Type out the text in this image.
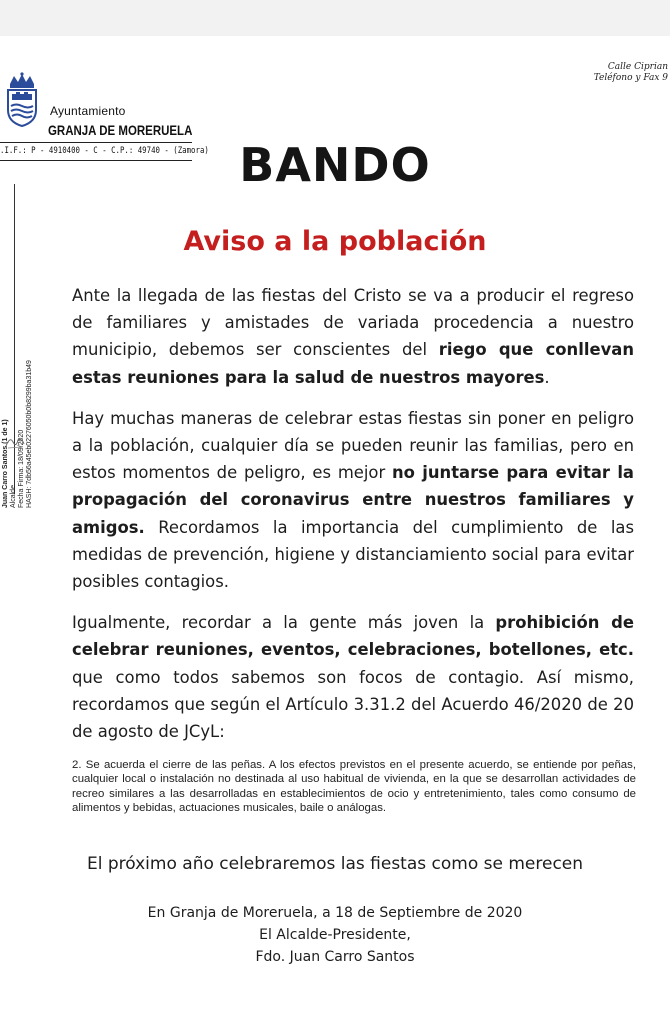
Calle Ciprian
Teléfono y Fax 9
Ayuntamiento
GRANJA DE MORERUELA
.I.F.: P - 4910400 - C - C.P.: 49740 - (Zamora) BANDO
Aviso a la población
Juan Carro Santos (1 de 1) Alcalde Fecha Firma: 18/09/2020 HASH: 7db56a45eb02276050b0b8299ba31b49

Ante la llegada de las fiestas del Cristo se va a producir el regreso de familiares y amistades de variada procedencia a nuestro municipio, debemos ser conscientes del riego que conllevan estas reuniones para la salud de nuestros mayores.

Hay muchas maneras de celebrar estas fiestas sin poner en peligro a la población, cualquier día se pueden reunir las familias, pero en estos momentos de peligro, es mejor no juntarse para evitar la propagación del coronavirus entre nuestros familiares y amigos. Recordamos la importancia del cumplimiento de las medidas de prevención, higiene y distanciamiento social para evitar posibles contagios.

Igualmente, recordar a la gente más joven la prohibición de celebrar reuniones, eventos, celebraciones, botellones, etc. que como todos sabemos son focos de contagio. Así mismo, recordamos que según el Artículo 3.31.2 del Acuerdo 46/2020 de 20 de agosto de JCyL:

2. Se acuerda el cierre de las peñas. A los efectos previstos en el presente acuerdo, se entiende por peñas, cualquier local o instalación no destinada al uso habitual de vivienda, en la que se desarrollan actividades de recreo similares a las desarrolladas en establecimientos de ocio y entretenimiento, tales como consumo de alimentos y bebidas, actuaciones musicales, baile o análogas.

El próximo año celebraremos las fiestas como se merecen
En Granja de Moreruela, a 18 de Septiembre de 2020
El Alcalde-Presidente,
Fdo. Juan Carro Santos
